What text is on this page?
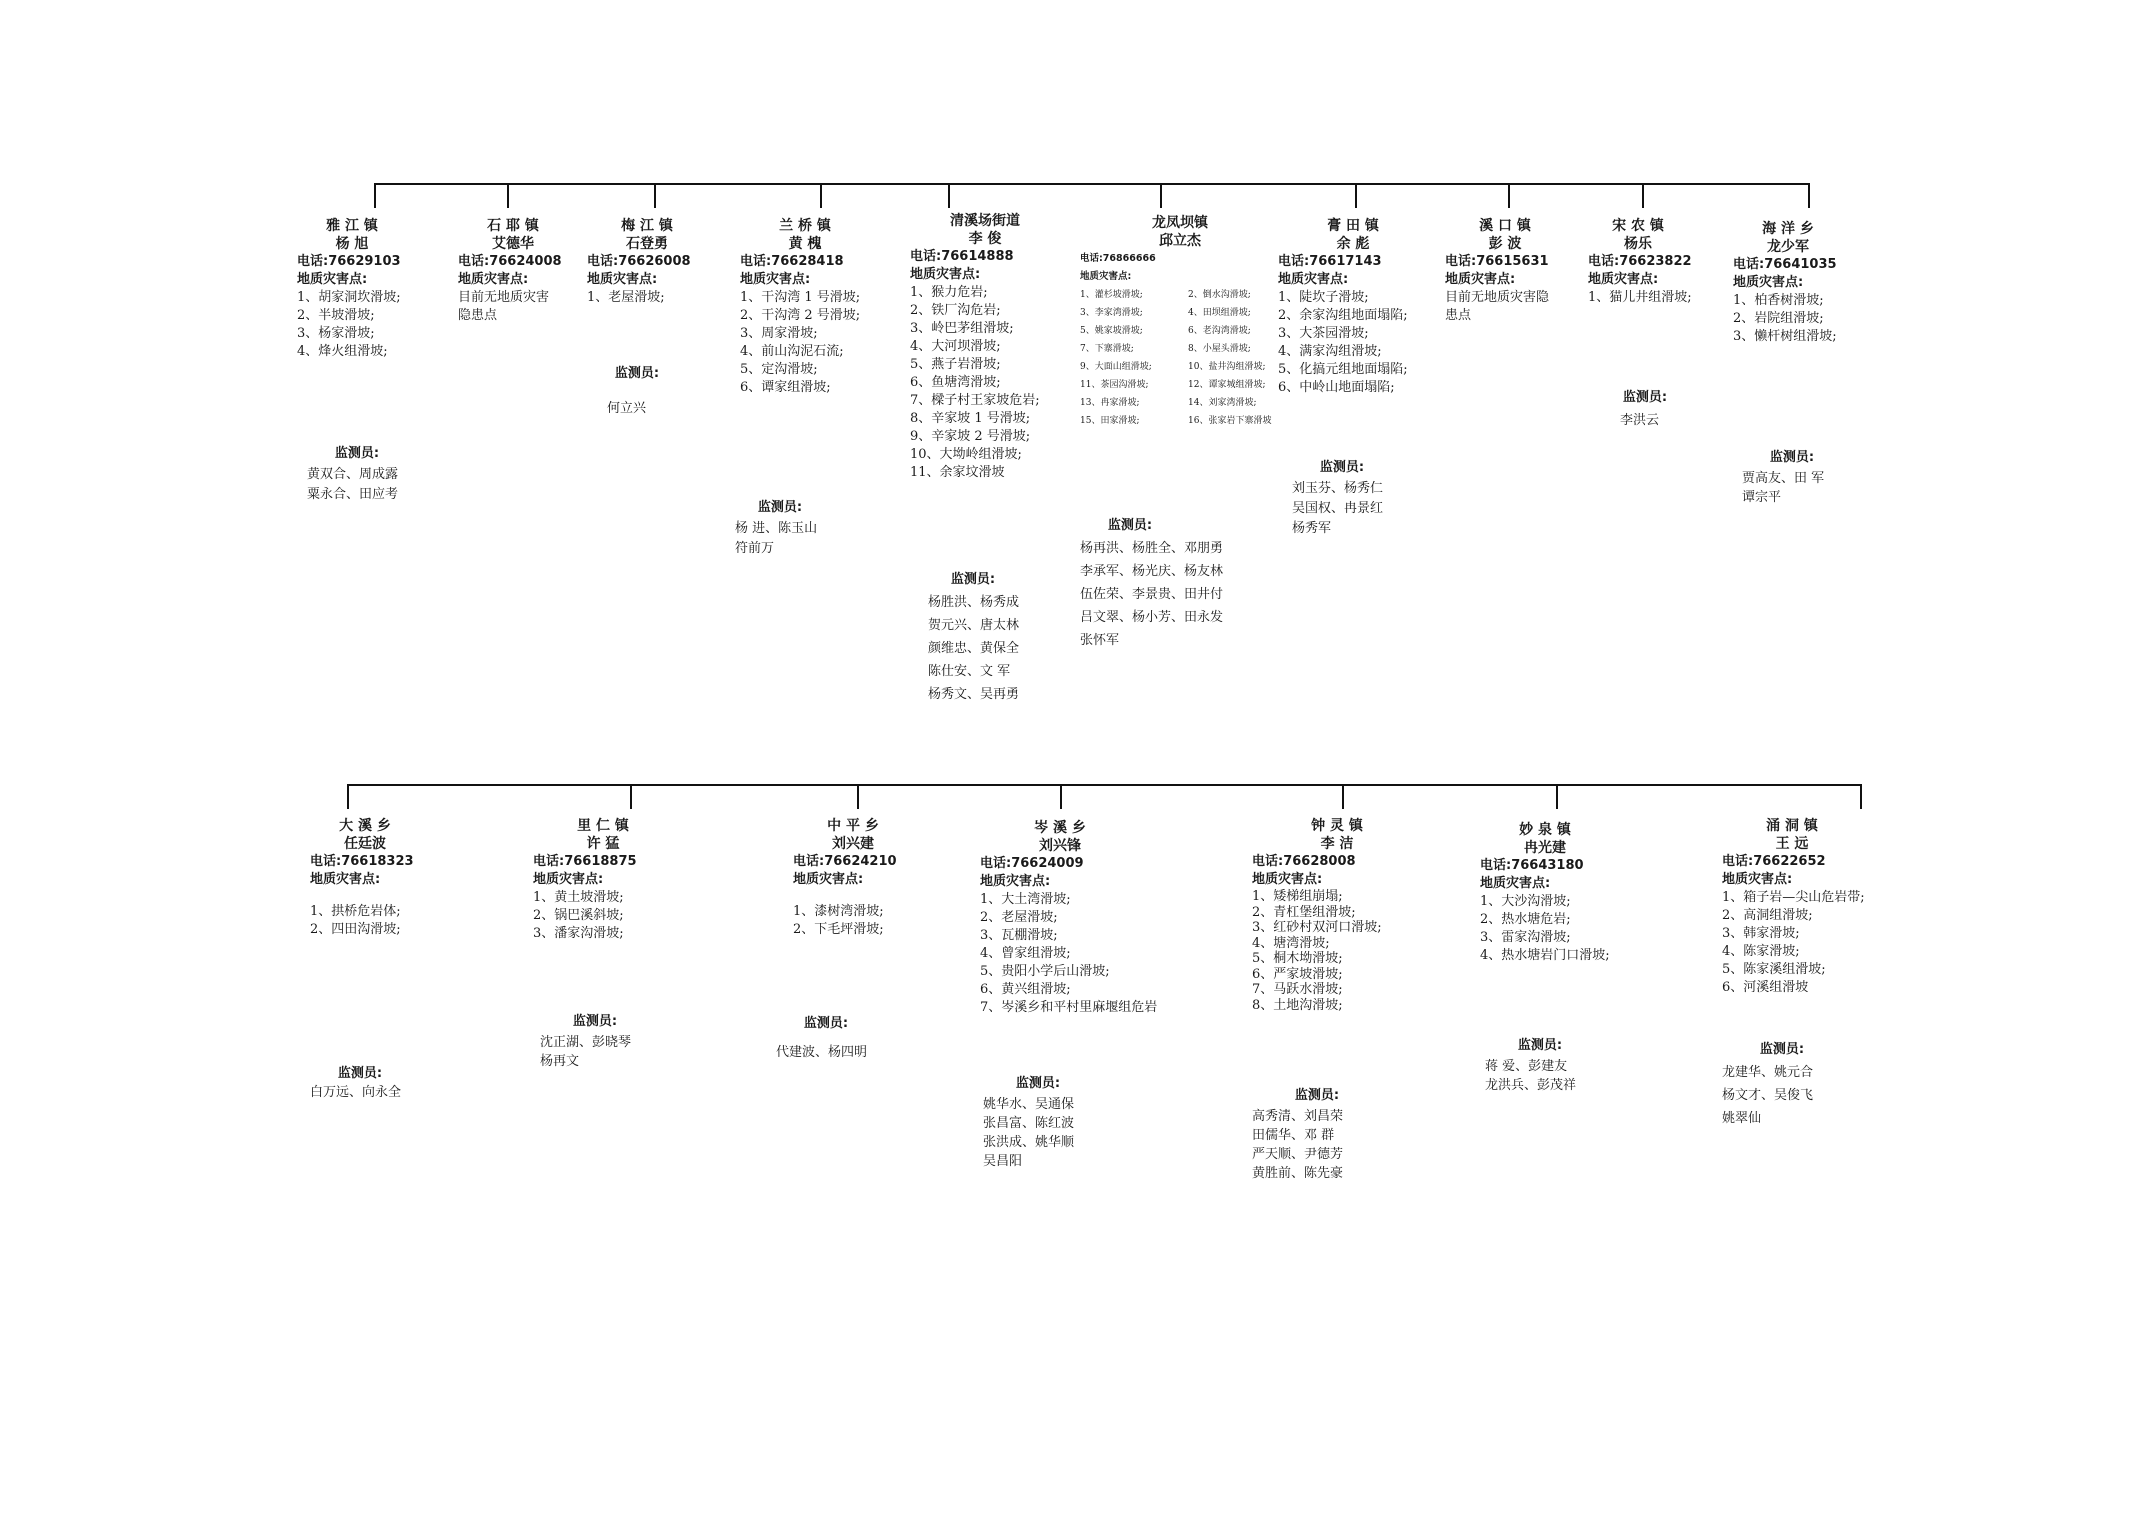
雅 江 镇
杨 旭
电话:76629103
地质灾害点:
1、胡家洞坎滑坡;
2、半坡滑坡;
3、杨家滑坡;
4、烽火组滑坡;
监测员:
黄双合、周成露
粟永合、田应考
石 耶 镇
艾德华
电话:76624008
地质灾害点:
目前无地质灾害
隐患点
梅 江 镇
石登勇
电话:76626008
地质灾害点:
1、老屋滑坡;
监测员:
何立兴
兰 桥 镇
黄 槐
电话:76628418
地质灾害点:
1、干沟湾 1 号滑坡;
2、干沟湾 2 号滑坡;
3、周家滑坡;
4、前山沟泥石流;
5、定沟滑坡;
6、谭家组滑坡;
监测员:
杨 进、陈玉山
符前万
清溪场街道
李 俊
电话:76614888
地质灾害点:
1、猴力危岩;
2、铁厂沟危岩;
3、岭巴茅组滑坡;
4、大河坝滑坡;
5、燕子岩滑坡;
6、鱼塘湾滑坡;
7、樑子村王家坡危岩;
8、辛家坡 1 号滑坡;
9、辛家坡 2 号滑坡;
10、大坳岭组滑坡;
11、余家坟滑坡
监测员:
杨胜洪、杨秀成
贺元兴、唐太林
颜维忠、黄保全
陈仕安、文 军
杨秀文、吴再勇
龙凤坝镇
邱立杰
电话:76866666
地质灾害点:
1、灌杉坡滑坡;
3、李家湾滑坡;
5、姚家坡滑坡;
7、下寨滑坡;
9、大面山组滑坡;
11、茶园沟滑坡;
13、冉家滑坡;
15、田家滑坡;
2、倒水沟滑坡;
4、田坝组滑坡;
6、老沟湾滑坡;
8、小屋头滑坡;
10、盐井沟组滑坡;
12、谭家城组滑坡;
14、刘家湾滑坡;
16、张家岩下寨滑坡
监测员:
杨再洪、杨胜全、邓朋勇
李承军、杨光庆、杨友林
伍佐荣、李景贵、田井付
吕文翠、杨小芳、田永发
张怀军
膏 田 镇
余 彪
电话:76617143
地质灾害点:
1、陡坎子滑坡;
2、余家沟组地面塌陷;
3、大茶园滑坡;
4、满家沟组滑坡;
5、化搞元组地面塌陷;
6、中岭山地面塌陷;
监测员:
刘玉芬、杨秀仁
吴国权、冉景红
杨秀军
溪 口 镇
彭 波
电话:76615631
地质灾害点:
目前无地质灾害隐
患点
宋 农 镇
杨乐
电话:76623822
地质灾害点:
1、猫儿井组滑坡;
监测员:
李洪云
海 洋 乡
龙少军
电话:76641035
地质灾害点:
1、柏香树滑坡;
2、岩院组滑坡;
3、懒杆树组滑坡;
监测员:
贾高友、田 军
谭宗平
大 溪 乡
任廷波
电话:76618323
地质灾害点:
1、拱桥危岩体;
2、四田沟滑坡;
监测员:
白万远、向永全
里 仁 镇
许 猛
电话:76618875
地质灾害点:
1、黄土坡滑坡;
2、锅巴溪斜坡;
3、潘家沟滑坡;
监测员:
沈正湖、彭晓琴
杨再文
中 平 乡
刘兴建
电话:76624210
地质灾害点:
1、漆树湾滑坡;
2、下毛坪滑坡;
监测员:
代建波、杨四明
岑 溪 乡
刘兴锋
电话:76624009
地质灾害点:
1、大土湾滑坡;
2、老屋滑坡;
3、瓦棚滑坡;
4、曾家组滑坡;
5、贵阳小学后山滑坡;
6、黄兴组滑坡;
7、岑溪乡和平村里麻堰组危岩
监测员:
姚华水、吴通保
张昌富、陈红波
张洪成、姚华顺
吴昌阳
钟 灵 镇
李 洁
电话:76628008
地质灾害点:
1、矮梯组崩塌;
2、青杠堡组滑坡;
3、红砂村双河口滑坡;
4、塘湾滑坡;
5、桐木坳滑坡;
6、严家坡滑坡;
7、马跃水滑坡;
8、土地沟滑坡;
监测员:
高秀清、刘昌荣
田儒华、邓 群
严天顺、尹德芳
黄胜前、陈先豪
妙 泉 镇
冉光建
电话:76643180
地质灾害点:
1、大沙沟滑坡;
2、热水塘危岩;
3、雷家沟滑坡;
4、热水塘岩门口滑坡;
监测员:
蒋 爱、彭建友
龙洪兵、彭茂祥
涌 洞 镇
王 远
电话:76622652
地质灾害点:
1、箱子岩—尖山危岩带;
2、高洞组滑坡;
3、韩家滑坡;
4、陈家滑坡;
5、陈家溪组滑坡;
6、河溪组滑坡
监测员:
龙建华、姚元合
杨文才、吴俊飞
姚翠仙
